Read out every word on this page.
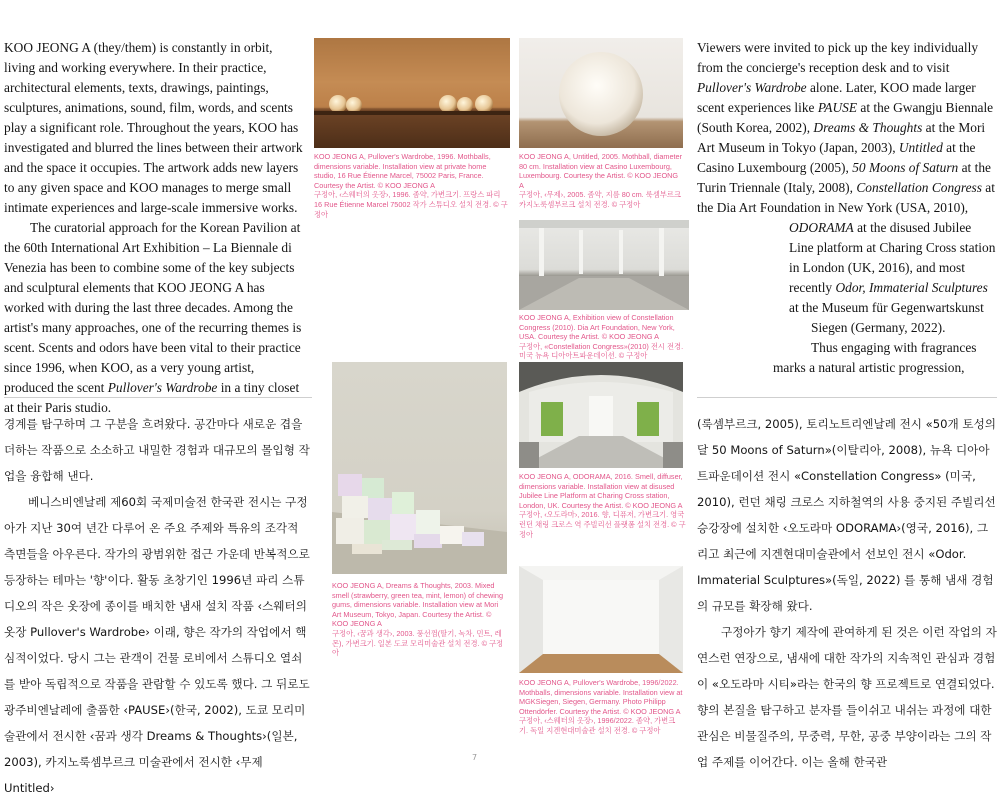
KOO JEONG A (they/them) is constantly in orbit, living and working everywhere. In their practice, architectural elements, texts, drawings, paintings, sculptures, animations, sound, film, words, and scents play a significant role. Throughout the years, KOO has investigated and blurred the lines between their artwork and the space it occupies. The artwork adds new layers to any given space and KOO manages to merge small intimate experiences and large-scale immersive works.

The curatorial approach for the Korean Pavilion at the 60th International Art Exhibition – La Biennale di Venezia has been to combine some of the key subjects and sculptural elements that KOO JEONG A has worked with during the last three decades. Among the artist's many approaches, one of the recurring themes is scent. Scents and odors have been vital to their practice since 1996, when KOO, as a very young artist, produced the scent Pullover's Wardrobe in a tiny closet at their Paris studio.

Viewers were invited to pick up the key individually

from the concierge's reception desk and to visit

Pullover's Wardrobe alone. Later, KOO made larger

scent experiences like PAUSE at the Gwangju Biennale

(South Korea, 2002), Dreams & Thoughts at the Mori

Art Museum in Tokyo (Japan, 2003), Untitled at the

Casino Luxembourg (2005), 50 Moons of Saturn at the

Turin Triennale (Italy, 2008), Constellation Congress at

the Dia Art Foundation in New York (USA, 2010),

ODORAMA at the disused Jubilee

Line platform at Charing Cross station

in London (UK, 2016), and most

recently Odor, Immaterial Sculptures

at the Museum für Gegenwartskunst

Siegen (Germany, 2022).

Thus engaging with fragrances

marks a natural artistic progression,

경계를 탐구하며 그 구분을 흐려왔다. 공간마다 새로운 겹을 더하는 작품으로 소소하고 내밀한 경험과 대규모의 몰입형 작업을 융합해 낸다.

베니스비엔날레 제60회 국제미술전 한국관 전시는 구정아가 지난 30여 년간 다루어 온 주요 주제와 특유의 조각적 측면들을 아우른다. 작가의 광범위한 접근 가운데 반복적으로 등장하는 테마는 '향'이다. 활동 초창기인 1996년 파리 스튜디오의 작은 옷장에 종이를 배치한 냄새 설치 작품 ‹스웨터의 옷장 Pullover's Wardrobe› 이래, 향은 작가의 작업에서 핵심적이었다. 당시 그는 관객이 건물 로비에서 스튜디오 열쇠를 받아 독립적으로 작품을 관람할 수 있도록 했다. 그 뒤로도 광주비엔날레에 출품한 ‹PAUSE›(한국, 2002), 도쿄 모리미술관에서 전시한 ‹꿈과 생각 Dreams & Thoughts›(일본, 2003), 카지노룩셈부르크 미술관에서 전시한 ‹무제 Untitled›

(룩셈부르크, 2005), 토리노트리엔날레 전시 «50개 토성의 달 50 Moons of Saturn»(이탈리아, 2008), 뉴욕 디아아트파운데이션 전시 «Constellation Congress» (미국, 2010), 런던 채링 크로스 지하철역의 사용 중지된 주빌리선 승강장에 설치한 ‹오도라마 ODORAMA›(영국, 2016), 그리고 최근에 지겐현대미술관에서 선보인 전시 «Odor. Immaterial Sculptures»(독일, 2022) 를 통해 냄새 경험의 규모를 확장해 왔다.

구정아가 향기 제작에 관여하게 된 것은 이런 작업의 자연스런 연장으로, 냄새에 대한 작가의 지속적인 관심과 경험이 «오도라마 시티»라는 한국의 향 프로젝트로 연결되었다. 향의 본질을 탐구하고 분자를 들이쉬고 내쉬는 과정에 대한 관심은 비물질주의, 무중력, 무한, 공중 부양이라는 그의 작업 주제를 이어간다. 이는 올해 한국관

KOO JEONG A, Pullover's Wardrobe, 1996. Mothballs, dimensions variable. Installation view at private home studio, 16 Rue Étienne Marcel, 75002 Paris, France. Courtesy the Artist. © KOO JEONG A
구정아, ‹스웨터의 옷장›, 1996. 좀약, 가변크기. 프랑스 파리 16 Rue Étienne Marcel 75002 작가 스튜디오 설치 전경. © 구정아
KOO JEONG A, Untitled, 2005. Mothball, diameter 80 cm. Installation view at Casino Luxembourg, Luxembourg. Courtesy the Artist. © KOO JEONG A
구정아, ‹무제›, 2005. 좀약, 지름 80 cm. 룩셈부르크 카지노룩셈부르크 설치 전경. © 구정아
KOO JEONG A, Exhibition view of Constellation Congress (2010). Dia Art Foundation, New York, USA. Courtesy the Artist. © KOO JEONG A
구정아, «Constellation Congress»(2010) 전시 전경. 미국 뉴욕 디아아트파운데이션. © 구정아
KOO JEONG A, ODORAMA, 2016. Smell, diffuser, dimensions variable. Installation view at disused Jubilee Line Platform at Charing Cross station, London, UK. Courtesy the Artist. © KOO JEONG A
구정아, ‹오도라마›, 2016. 향, 디퓨저, 가변크기. 영국 런던 채링 크로스 역 주빌리선 플랫폼 설치 전경. © 구정아
KOO JEONG A, Dreams & Thoughts, 2003. Mixed smell (strawberry, green tea, mint, lemon) of chewing gums, dimensions variable. Installation view at Mori Art Museum, Tokyo, Japan. Courtesy the Artist. © KOO JEONG A
구정아, ‹꿈과 생각›, 2003. 풍선껌(딸기, 녹차, 민트, 레몬), 가변크기. 일본 도쿄 모리미술관 설치 전경. © 구정아
KOO JEONG A, Pullover's Wardrobe, 1996/2022. Mothballs, dimensions variable. Installation view at MGKSiegen, Siegen, Germany. Photo Philipp Ottendörfer. Courtesy the Artist. © KOO JEONG A
구정아, ‹스웨터의 옷장›, 1996/2022. 좀약, 가변크기. 독일 지겐현대미술관 설치 전경. © 구정아
7
